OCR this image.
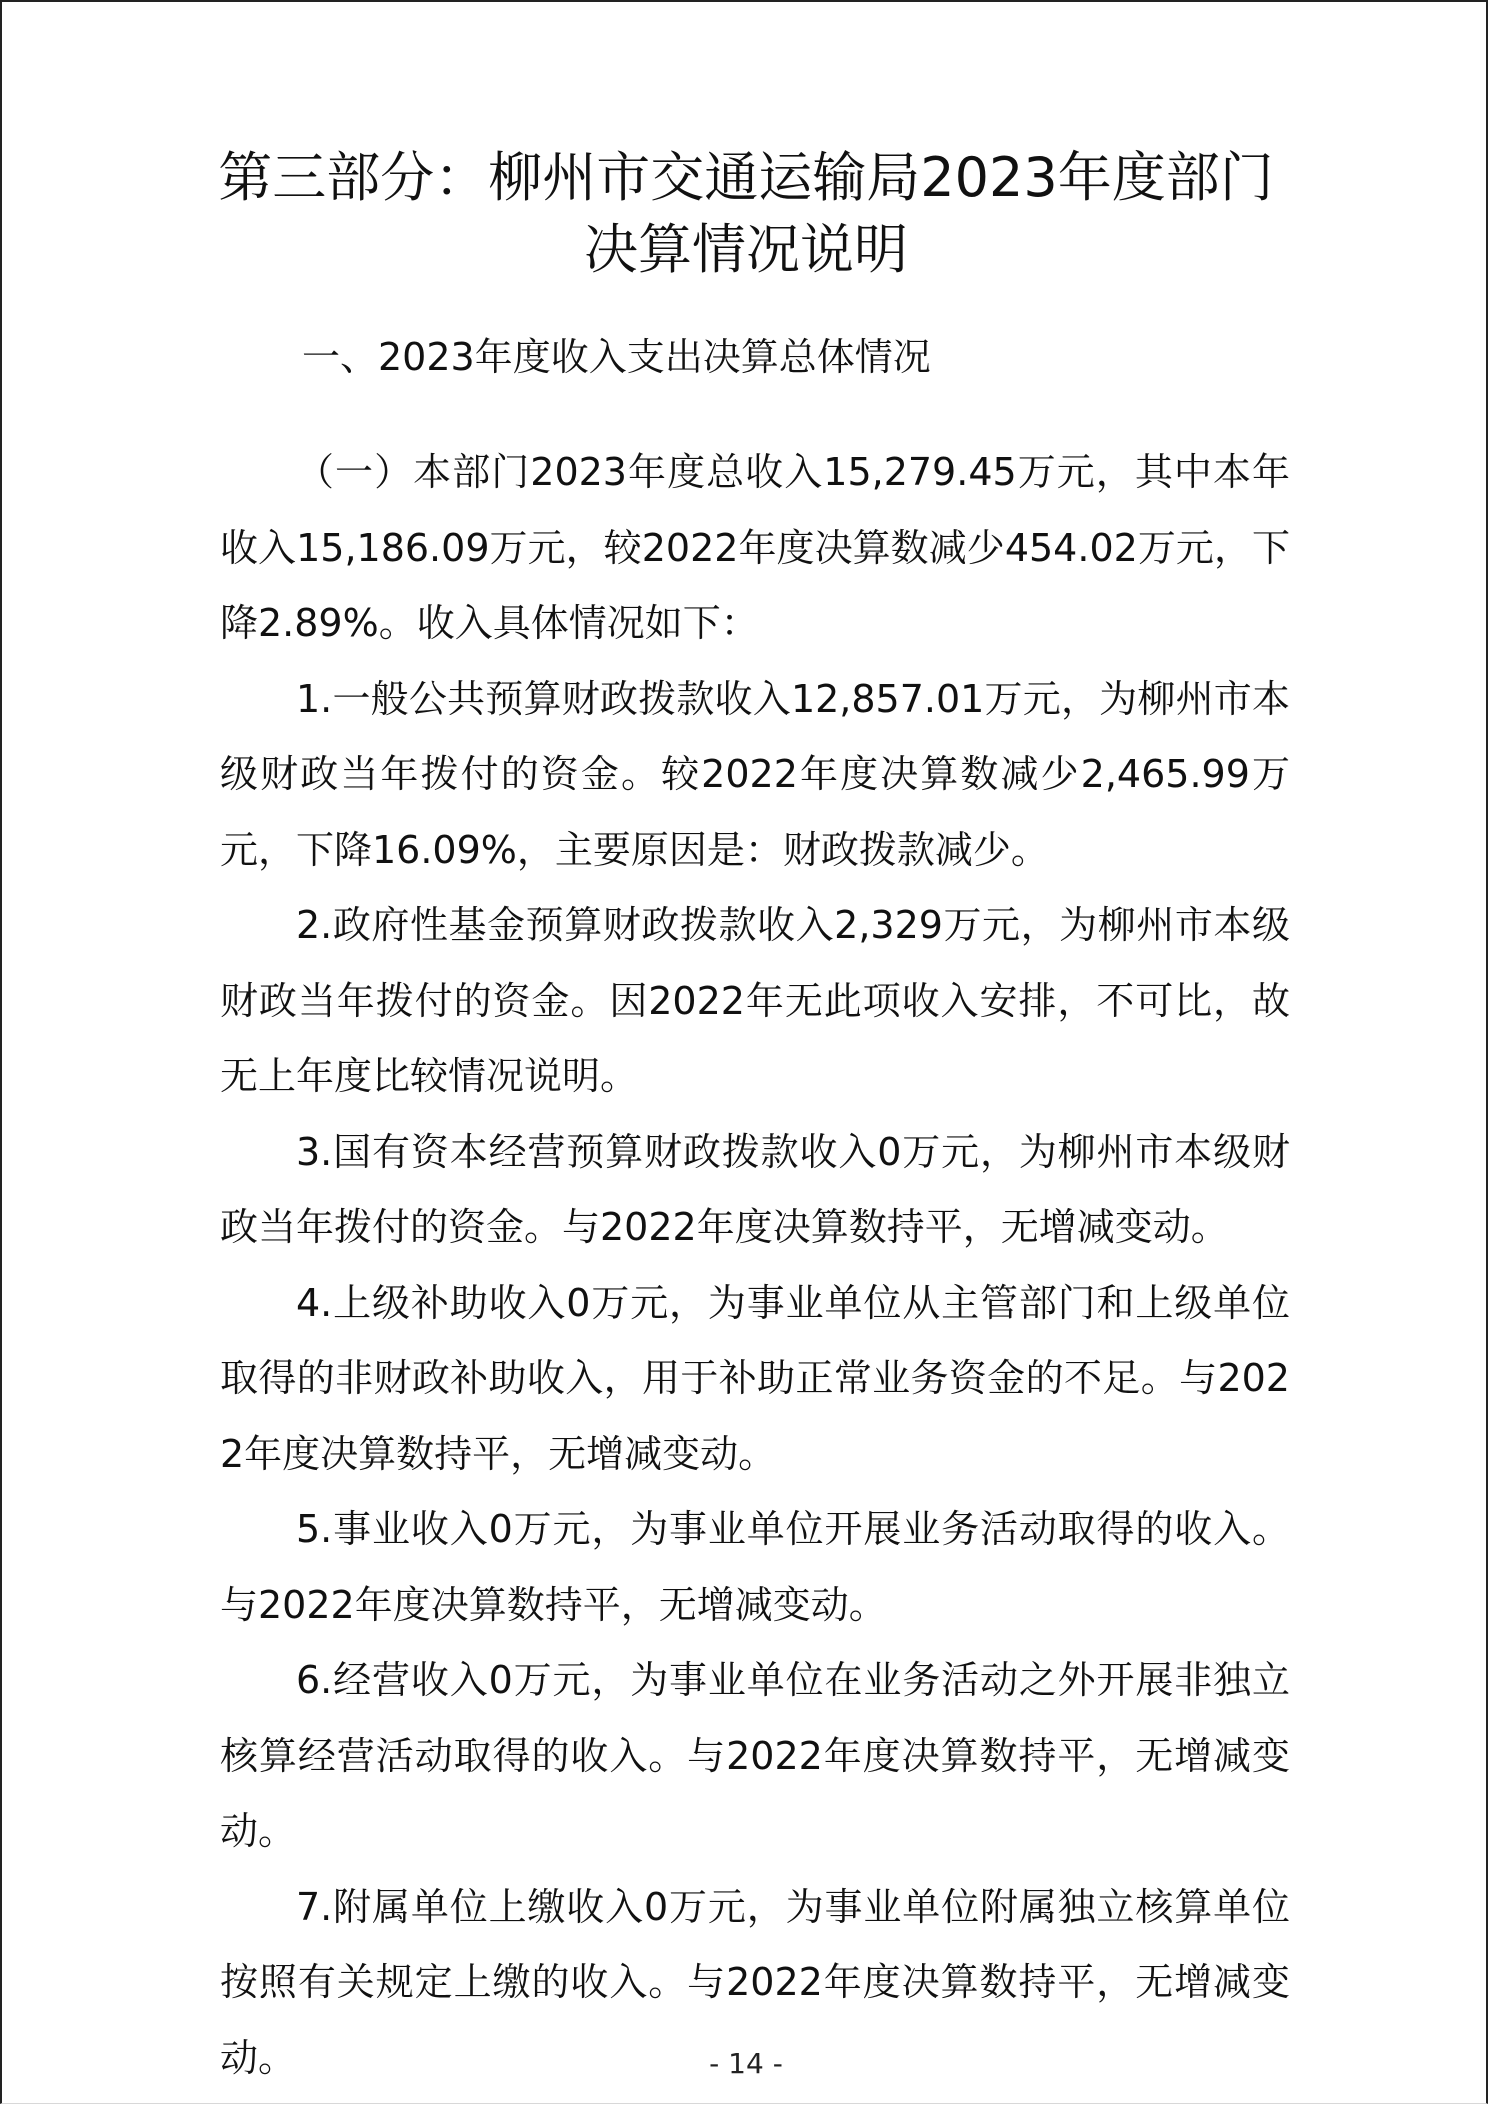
第三部分：柳州市交通运输局2023年度部门
决算情况说明
一、2023年度收入支出决算总体情况

（一）本部门2023年度总收入15,279.45万元，其中本年收入15,186.09万元，较2022年度决算数减少454.02万元，下降2.89%。收入具体情况如下：

1.一般公共预算财政拨款收入12,857.01万元，为柳州市本级财政当年拨付的资金。较2022年度决算数减少2,465.99万元，下降16.09%，主要原因是：财政拨款减少。

2.政府性基金预算财政拨款收入2,329万元，为柳州市本级财政当年拨付的资金。因2022年无此项收入安排，不可比，故无上年度比较情况说明。

3.国有资本经营预算财政拨款收入0万元，为柳州市本级财政当年拨付的资金。与2022年度决算数持平，无增减变动。

4.上级补助收入0万元，为事业单位从主管部门和上级单位取得的非财政补助收入，用于补助正常业务资金的不足。与2022年度决算数持平，无增减变动。

5.事业收入0万元，为事业单位开展业务活动取得的收入。与2022年度决算数持平，无增减变动。

6.经营收入0万元，为事业单位在业务活动之外开展非独立核算经营活动取得的收入。与2022年度决算数持平，无增减变动。

7.附属单位上缴收入0万元，为事业单位附属独立核算单位按照有关规定上缴的收入。与2022年度决算数持平，无增减变动。	- 14 -
